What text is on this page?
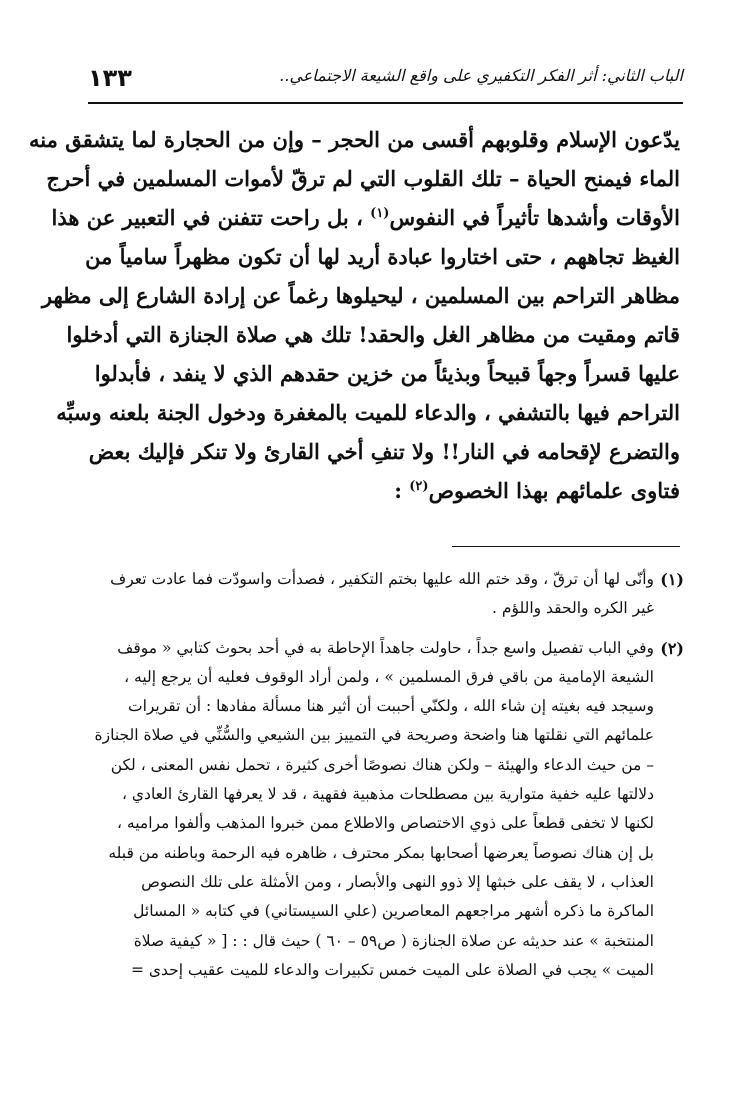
١٣٣	الباب الثاني: أثر الفكر التكفيري على واقع الشيعة الاجتماعي..
يدّعون الإسلام وقلوبهم أقسى من الحجر – وإن من الحجارة لما يتشقق منه
الماء فيمنح الحياة – تلك القلوب التي لم ترقّ لأموات المسلمين في أحرج
الأوقات وأشدها تأثيراً في النفوس$^{(١)}$ ، بل راحت تتفنن في التعبير عن هذا
الغيظ تجاههم ، حتى اختاروا عبادة أريد لها أن تكون مظهراً سامياً من
مظاهر التراحم بين المسلمين ، ليحيلوها رغماً عن إرادة الشارع إلى مظهر
قاتم ومقيت من مظاهر الغل والحقد! تلك هي صلاة الجنازة التي أدخلوا
عليها قسراً وجهاً قبيحاً وبذيئاً من خزين حقدهم الذي لا ينفد ، فأبدلوا
التراحم فيها بالتشفي ، والدعاء للميت بالمغفرة ودخول الجنة بلعنه وسبِّه
والتضرع لإقحامه في النار!! ولا تنفِ أخي القارئ ولا تنكر فإليك بعض
فتاوى علمائهم بهذا الخصوص$^{(٢)}$ :
(١)
وأنّى لها أن ترقّ ، وقد ختم الله عليها بختم التكفير ، فصدأت واسودّت فما عادت تعرف
غير الكره والحقد واللؤم .
(٢)
وفي الباب تفصيل واسع جداً ، حاولت جاهداً الإحاطة به في أحد بحوث كتابي « موقف
الشيعة الإمامية من باقي فرق المسلمين » ، ولمن أراد الوقوف فعليه أن يرجع إليه ،
وسيجد فيه بغيته إن شاء الله ، ولكنّي أحببت أن أثير هنا مسألة مفادها : أن تقريرات
علمائهم التي نقلتها هنا واضحة وصريحة في التمييز بين الشيعي والسُّنِّي في صلاة الجنازة
– من حيث الدعاء والهيئة – ولكن هناك نصوصًا أخرى كثيرة ، تحمل نفس المعنى ، لكن
دلالتها عليه خفية متوارية بين مصطلحات مذهبية فقهية ، قد لا يعرفها القارئ العادي ،
لكنها لا تخفى قطعاً على ذوي الاختصاص والاطلاع ممن خبروا المذهب وألفوا مراميه ،
بل إن هناك نصوصاً يعرضها أصحابها بمكر محترف ، ظاهره فيه الرحمة وباطنه من قبله
العذاب ، لا يقف على خبثها إلا ذوو النهى والأبصار ، ومن الأمثلة على تلك النصوص
الماكرة ما ذكره أشهر مراجعهم المعاصرين (علي السيستاني) في كتابه « المسائل
المنتخبة » عند حديثه عن صلاة الجنازة ( ص٥٩ – ٦٠ ) حيث قال : : [ « كيفية صلاة
الميت » يجب في الصلاة على الميت خمس تكبيرات والدعاء للميت عقيب إحدى =
